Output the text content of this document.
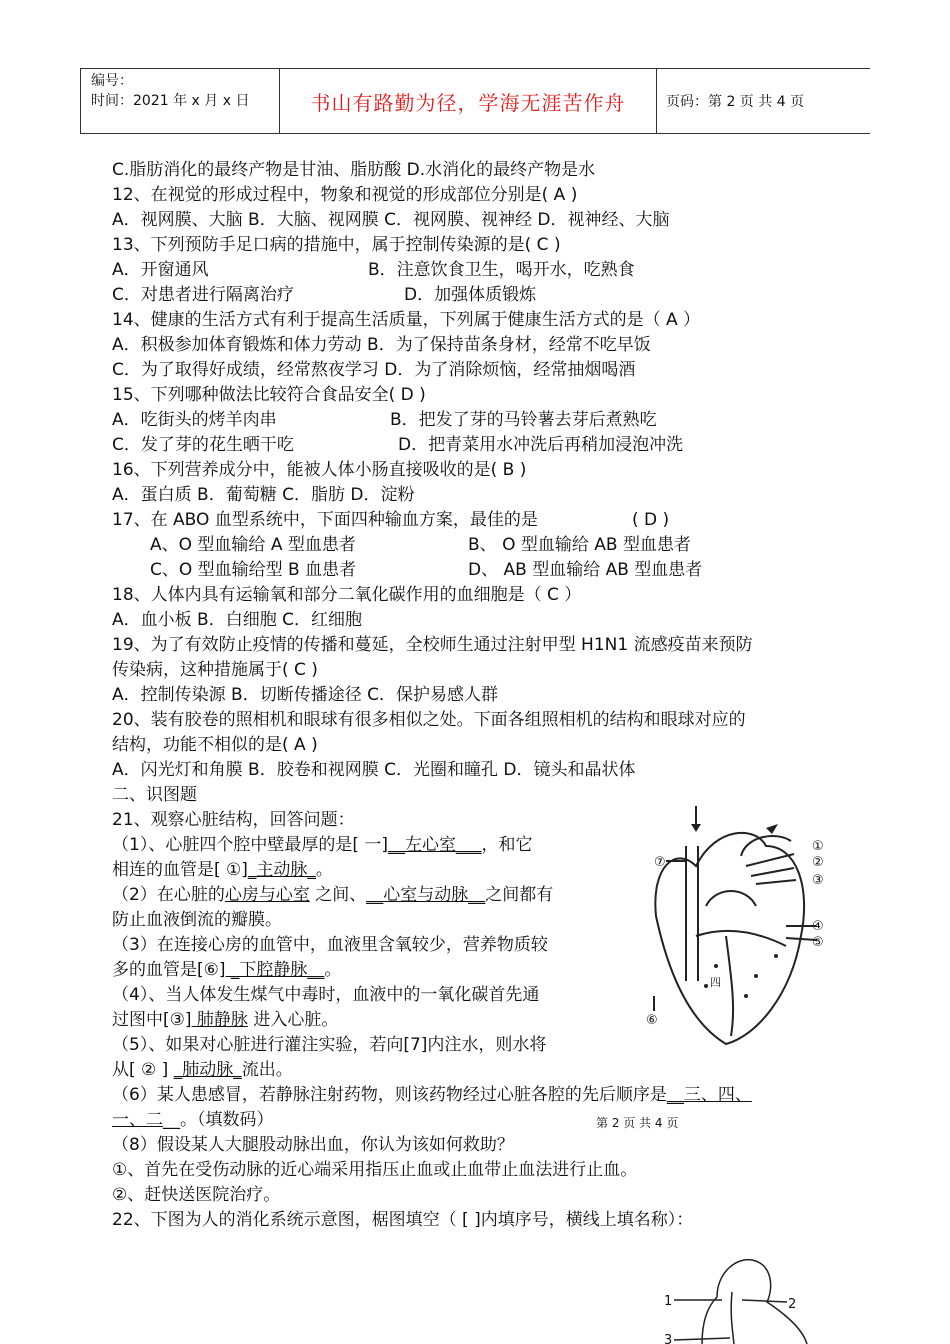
编号：
时间：2021 年 x 月 x 日	书山有路勤为径，学海无涯苦作舟	页码：第 2 页 共 4 页
C.脂肪消化的最终产物是甘油、脂肪酸 D.水消化的最终产物是水
12、在视觉的形成过程中，物象和视觉的形成部位分别是( A )
A．视网膜、大脑 B．大脑、视网膜 C．视网膜、视神经 D．视神经、大脑
13、下列预防手足口病的措施中，属于控制传染源的是( C )
A．开窗通风	B．注意饮食卫生，喝开水，吃熟食
C．对患者进行隔离治疗	D．加强体质锻炼
14、健康的生活方式有利于提高生活质量，下列属于健康生活方式的是（ A ）
A．积极参加体育锻炼和体力劳动 B．为了保持苗条身材，经常不吃早饭
C．为了取得好成绩，经常熬夜学习 D．为了消除烦恼，经常抽烟喝酒
15、下列哪种做法比较符合食品安全( D )
A．吃街头的烤羊肉串	B．把发了芽的马铃薯去芽后煮熟吃
C．发了芽的花生晒干吃	D．把青菜用水冲洗后再稍加浸泡冲洗
16、下列营养成分中，能被人体小肠直接吸收的是( B )
A．蛋白质 B．葡萄糖 C．脂肪 D．淀粉
17、在 ABO 血型系统中，下面四种输血方案，最佳的是	( D )
A、O 型血输给 A 型血患者	B、 O 型血输给 AB 型血患者
C、O 型血输给型 B 血患者	D、 AB 型血输给 AB 型血患者
18、人体内具有运输氧和部分二氧化碳作用的血细胞是（ C ）
A．血小板 B．白细胞 C．红细胞
19、为了有效防止疫情的传播和蔓延，全校师生通过注射甲型 H1N1 流感疫苗来预防
传染病，这种措施属于( C )
A．控制传染源 B．切断传播途径 C．保护易感人群
20、装有胶卷的照相机和眼球有很多相似之处。下面各组照相机的结构和眼球对应的
结构，功能不相似的是( A )
A．闪光灯和角膜 B．胶卷和视网膜 C．光圈和瞳孔 D．镜头和晶状体
二、识图题
21、观察心脏结构，回答问题：
（1）、心脏四个腔中壁最厚的是[ 一]__左心室___，和它
相连的血管是[ ①]_主动脉_。
（2）在心脏的心房与心室 之间、__心室与动脉__之间都有
防止血液倒流的瓣膜。
（3）在连接心房的血管中，血液里含氧较少，营养物质较
多的血管是[⑥] _下腔静脉__。
（4）、当人体发生煤气中毒时，血液中的一氧化碳首先通
过图中[③] 肺静脉 进入心脏。
（5）、如果对心脏进行灌注实验，若向[7]内注水，则水将
从[ ② ] _肺动脉_流出。
（6）某人患感冒，若静脉注射药物，则该药物经过心脏各腔的先后顺序是__三、四、
一、二__。（填数码）
（8）假设某人大腿股动脉出血，你认为该如何救助？
①、首先在受伤动脉的近心端采用指压止血或止血带止血法进行止血。
②、赶快送医院治疗。
22、下图为人的消化系统示意图，椐图填空（ [ ]内填序号，横线上填名称）：
第 2 页 共 4 页
①
②
③
④
⑤
⑥
⑦
四
1	2
3
